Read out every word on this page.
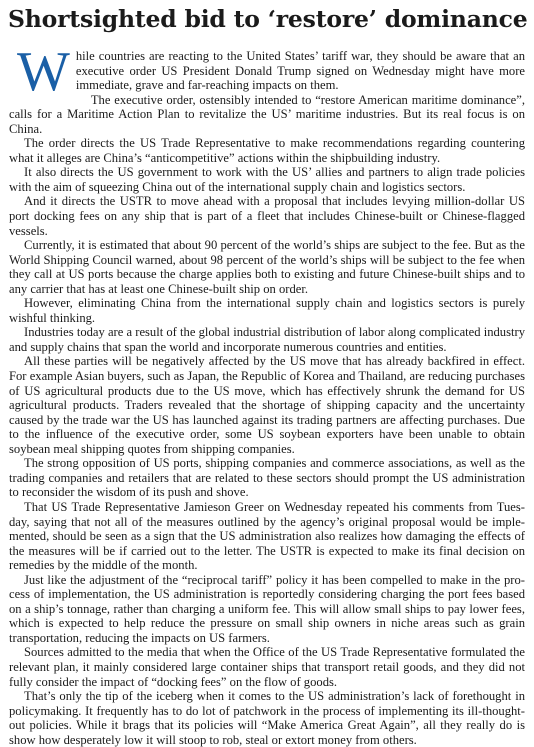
Shortsighted bid to ‘restore’ dominance

While countries are reacting to the United States’ tariff war, they should be aware that an executive order US President Donald Trump signed on Wednesday might have more immediate, grave and far-reaching impacts on them.

The executive order, ostensibly intended to “restore American maritime dominance”, calls for a Maritime Action Plan to revitalize the US’ maritime industries. But its real focus is on China.

The order directs the US Trade Representative to make recommendations regarding countering what it alleges are China’s “anticompetitive” actions within the shipbuilding industry.

It also directs the US government to work with the US’ allies and partners to align trade policies with the aim of squeezing China out of the international supply chain and logistics sectors.

And it directs the USTR to move ahead with a proposal that includes levying million-dollar US port docking fees on any ship that is part of a fleet that includes Chinese-built or Chinese-flagged vessels.

Currently, it is estimated that about 90 percent of the world’s ships are subject to the fee. But as the World Shipping Council warned, about 98 percent of the world’s ships will be subject to the fee when they call at US ports because the charge applies both to existing and future Chinese-built ships and to any carrier that has at least one Chinese-built ship on order.

However, eliminating China from the international supply chain and logistics sectors is purely wishful thinking.

Industries today are a result of the global industrial distribution of labor along complicated industry and supply chains that span the world and incorporate numerous countries and entities.

All these parties will be negatively affected by the US move that has already backfired in effect. For example Asian buyers, such as Japan, the Republic of Korea and Thailand, are reducing purchases of US agricultural products due to the US move, which has effectively shrunk the demand for US agricultural products. Traders revealed that the shortage of shipping capacity and the uncertainty caused by the trade war the US has launched against its trading partners are affecting purchases. Due to the influence of the executive order, some US soybean exporters have been unable to obtain soybean meal shipping quotes from shipping companies.

The strong opposition of US ports, shipping companies and commerce associations, as well as the trading companies and retailers that are related to these sectors should prompt the US administration to reconsider the wisdom of its push and shove.

That US Trade Representative Jamieson Greer on Wednesday repeated his comments from Tuesday, saying that not all of the measures outlined by the agency’s original proposal would be implemented, should be seen as a sign that the US administration also realizes how damaging the effects of the measures will be if carried out to the letter. The USTR is expected to make its final decision on remedies by the middle of the month.

Just like the adjustment of the “reciprocal tariff” policy it has been compelled to make in the process of implementation, the US administration is reportedly considering charging the port fees based on a ship’s tonnage, rather than charging a uniform fee. This will allow small ships to pay lower fees, which is expected to help reduce the pressure on small ship owners in niche areas such as grain transportation, reducing the impacts on US farmers.

Sources admitted to the media that when the Office of the US Trade Representative formulated the relevant plan, it mainly considered large container ships that transport retail goods, and they did not fully consider the impact of “docking fees” on the flow of goods.

That’s only the tip of the iceberg when it comes to the US administration’s lack of forethought in policymaking. It frequently has to do lot of patchwork in the process of implementing its ill-thought-out policies. While it brags that its policies will “Make America Great Again”, all they really do is show how desperately low it will stoop to rob, steal or extort money from others.
